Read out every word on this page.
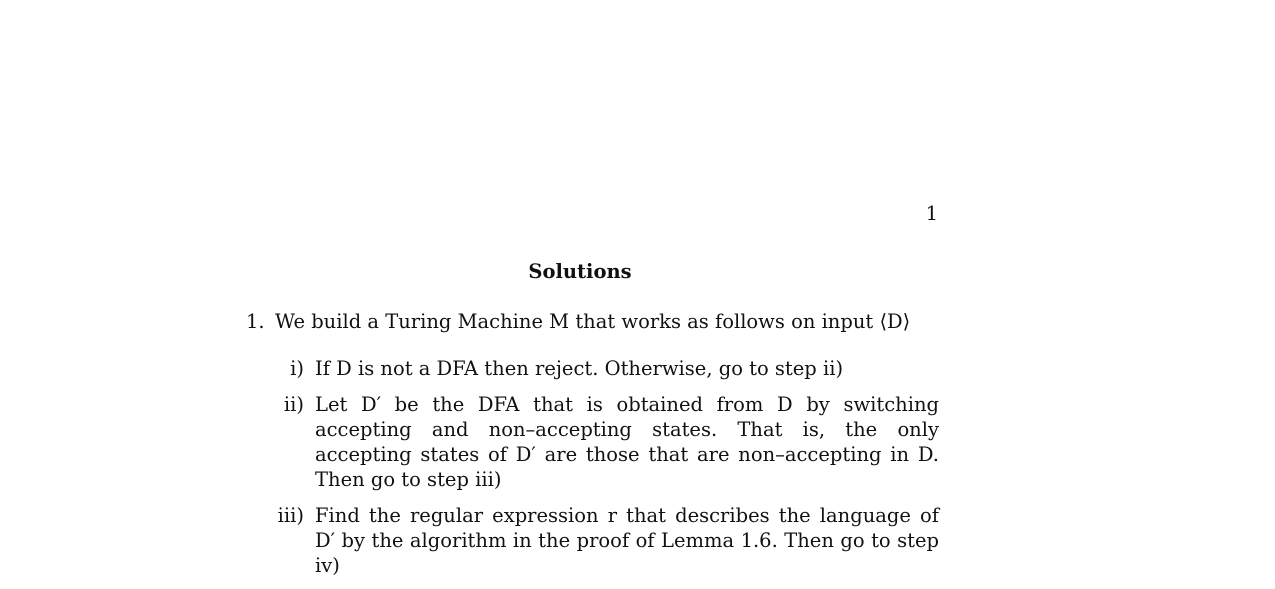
1
Solutions
1. We build a Turing Machine M that works as follows on input ⟨D⟩
i) If D is not a DFA then reject. Otherwise, go to step ii)
ii) Let D′ be the DFA that is obtained from D by switching accepting and non–accepting states. That is, the only accepting states of D′ are those that are non–accepting in D. Then go to step iii)
iii) Find the regular expression r that describes the language of D′ by the algorithm in the proof of Lemma 1.6. Then go to step iv)
